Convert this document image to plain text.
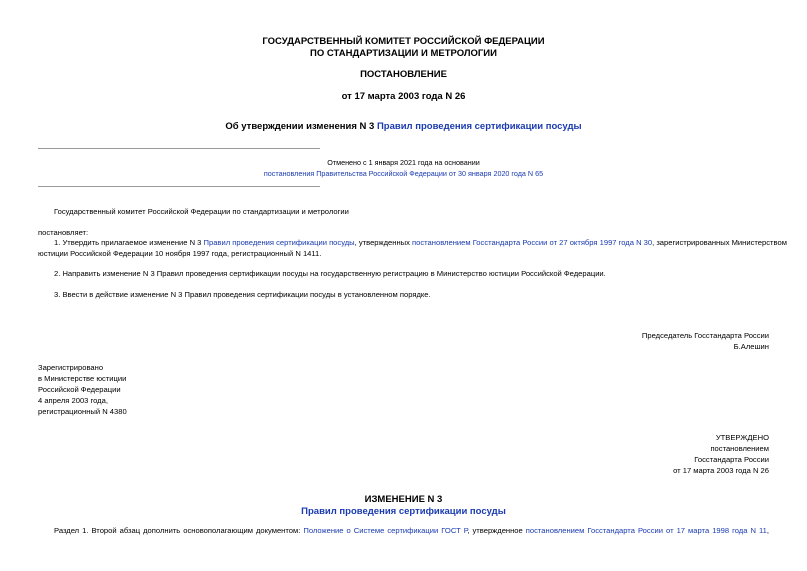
ГОСУДАРСТВЕННЫЙ КОМИТЕТ РОССИЙСКОЙ ФЕДЕРАЦИИ
ПО СТАНДАРТИЗАЦИИ И МЕТРОЛОГИИ
ПОСТАНОВЛЕНИЕ
от 17 марта 2003 года N 26
Об утверждении изменения N 3 Правил проведения сертификации посуды
Отменено с 1 января 2021 года на основании
постановления Правительства Российской Федерации от 30 января 2020 года N 65
Государственный комитет Российской Федерации по стандартизации и метрологии
постановляет:
1. Утвердить прилагаемое изменение N 3 Правил проведения сертификации посуды, утвержденных постановлением Госстандарта России от 27 октября 1997 года N 30, зарегистрированных Министерством
юстиции Российской Федерации 10 ноября 1997 года, регистрационный N 1411.
2. Направить изменение N 3 Правил проведения сертификации посуды на государственную регистрацию в Министерство юстиции Российской Федерации.
3. Ввести в действие изменение N 3 Правил проведения сертификации посуды в установленном порядке.
Председатель Госстандарта России
Б.Алешин
Зарегистрировано
в Министерстве юстиции
Российской Федерации
4 апреля 2003 года,
регистрационный N 4380
УТВЕРЖДЕНО
постановлением
Госстандарта России
от 17 марта 2003 года N 26
ИЗМЕНЕНИЕ N 3
Правил проведения сертификации посуды
Раздел 1. Второй абзац дополнить основополагающим документом: Положение о Системе сертификации ГОСТ Р, утвержденное постановлением Госстандарта России от 17 марта 1998 года N 11,
